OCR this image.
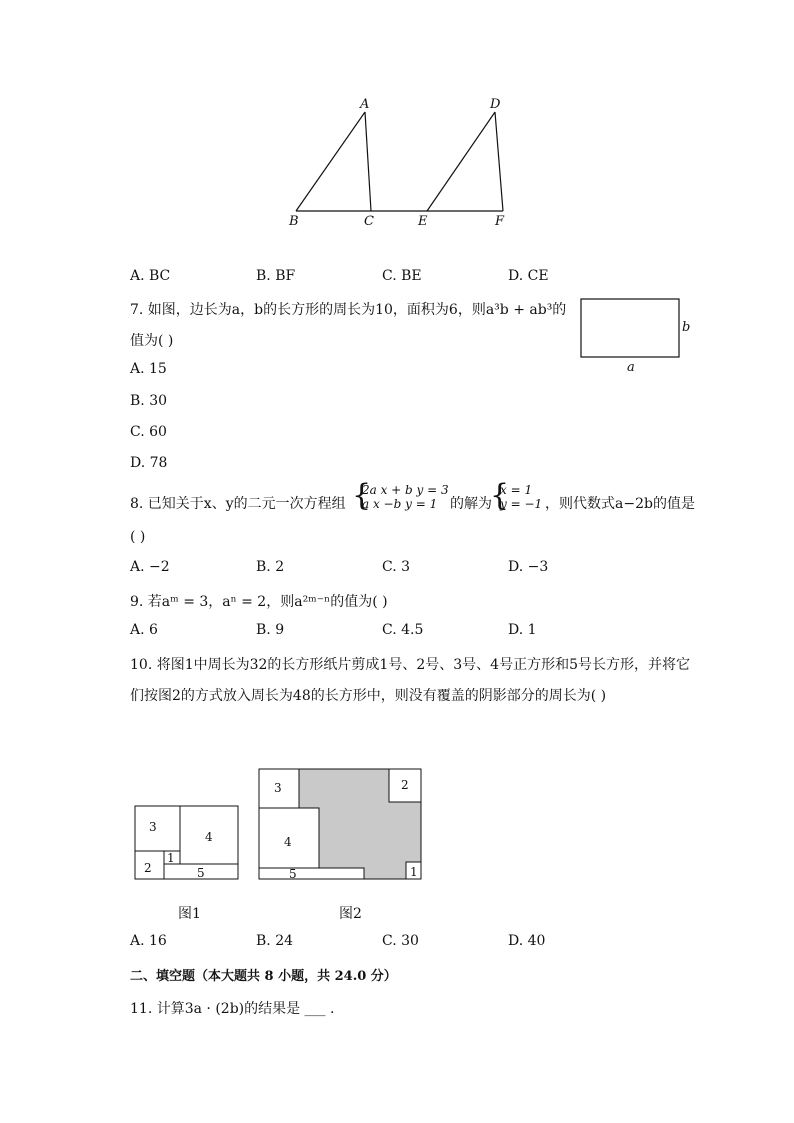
A
B	C
D
E	F
A. BC	B. BF	C. BE	D. CE
7. 如图，边长为a，b的长方形的周长为10，面积为6，则a³b + ab³的
值为( )
b
a
A. 15
B. 30
C. 60
D. 78
8. 已知关于x、y的二元一次方程组 {
2a x + b y = 3
a x −b y = 1 的解为
{
x = 1
y = −1 ，则代数式a−2b的值是
( )
A. −2	B. 2	C. 3	D. −3
9. 若aᵐ = 3，aⁿ = 2，则a²ᵐ⁻ⁿ的值为( )
A. 6	B. 9	C. 4.5	D. 1
10. 将图1中周长为32的长方形纸片剪成1号、2号、3号、4号正方形和5号长方形，并将它
们按图2的方式放入周长为48的长方形中，则没有覆盖的阴影部分的周长为( )
3
4
2
1
5
3	2
4
1
5
图1	图2
A. 16	B. 24	C. 30	D. 40
二、填空题（本大题共 8 小题，共 24.0 分）
11. 计算3a · (2b)的结果是 ___ .
